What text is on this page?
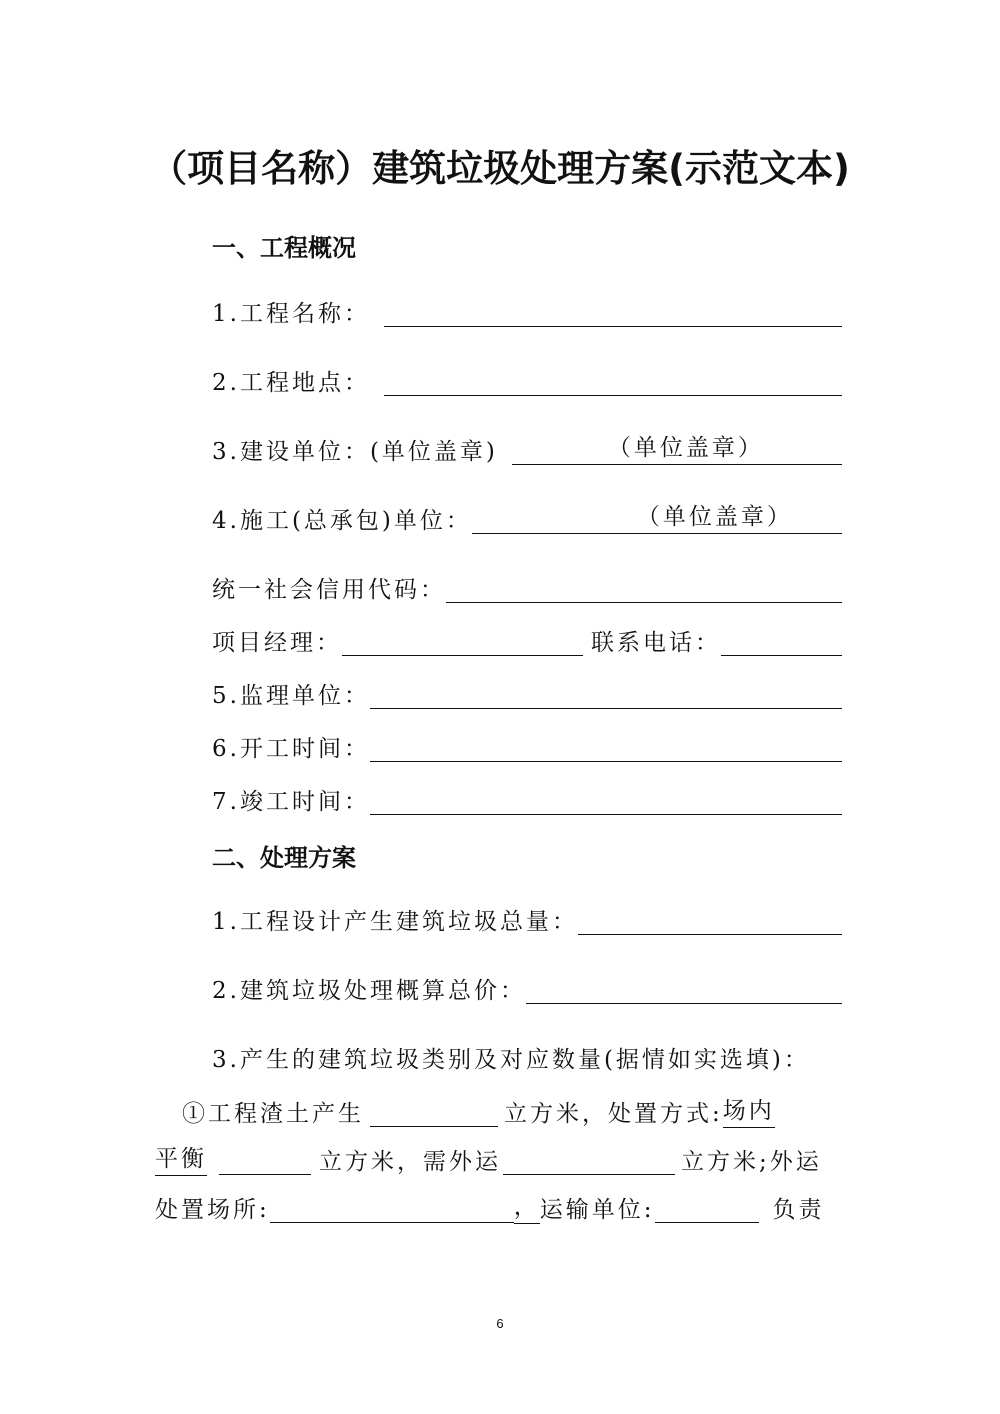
（项目名称）建筑垃圾处理方案(示范文本)
一、工程概况
1.工程名称：
2.工程地点：
3.建设单位：(单位盖章)	（单位盖章）
4.施工(总承包)单位：	（单位盖章）
统一社会信用代码：
项目经理：	联系电话：
5.监理单位：
6.开工时间：
7.竣工时间：
二、处理方案
1.工程设计产生建筑垃圾总量：
2.建筑垃圾处理概算总价：
3.产生的建筑垃圾类别及对应数量(据情如实选填)：
①工程渣土产生	立方米，处置方式: 场内
平衡	立方米，需外运	立方米;外运
处置场所:	， 运输单位:	负责
6
